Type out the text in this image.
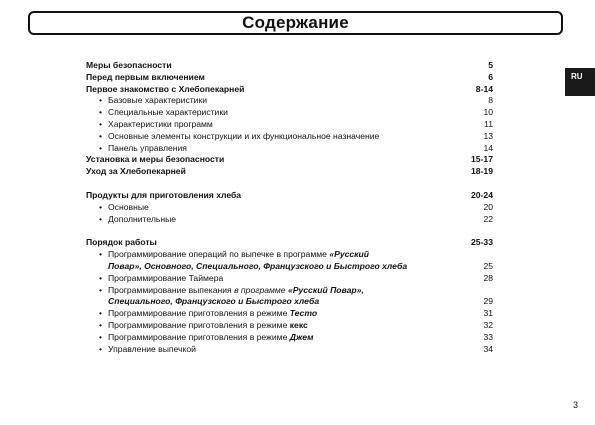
Содержание
RU
Меры безопасности	5
Перед первым включением	6
Первое знакомство с Хлебопекарней	8-14
• Базовые характеристики	8
• Специальные характеристики	10
• Характеристики программ	11
• Основные элементы конструкции и их функциональное назначение	13
• Панель управления	14
Установка и меры безопасности	15-17
Уход за Хлебопекарней	18-19
Продукты для приготовления хлеба	20-24
• Основные	20
• Дополнительные	22
Порядок работы	25-33
• Программирование операций по выпечке в программе «Русский
Повар», Основного, Специального, Французского и Быстрого хлеба	25
• Программирование Таймера	28
• Программирование выпекания в программе «Русский Повар»,
Специального, Французского и Быстрого хлеба	29
• Программирование приготовления в режиме Тесто	31
• Программирование приготовления в режиме кекс	32
• Программирование приготовления в режиме Джем	33
• Управление выпечкой	34
3
